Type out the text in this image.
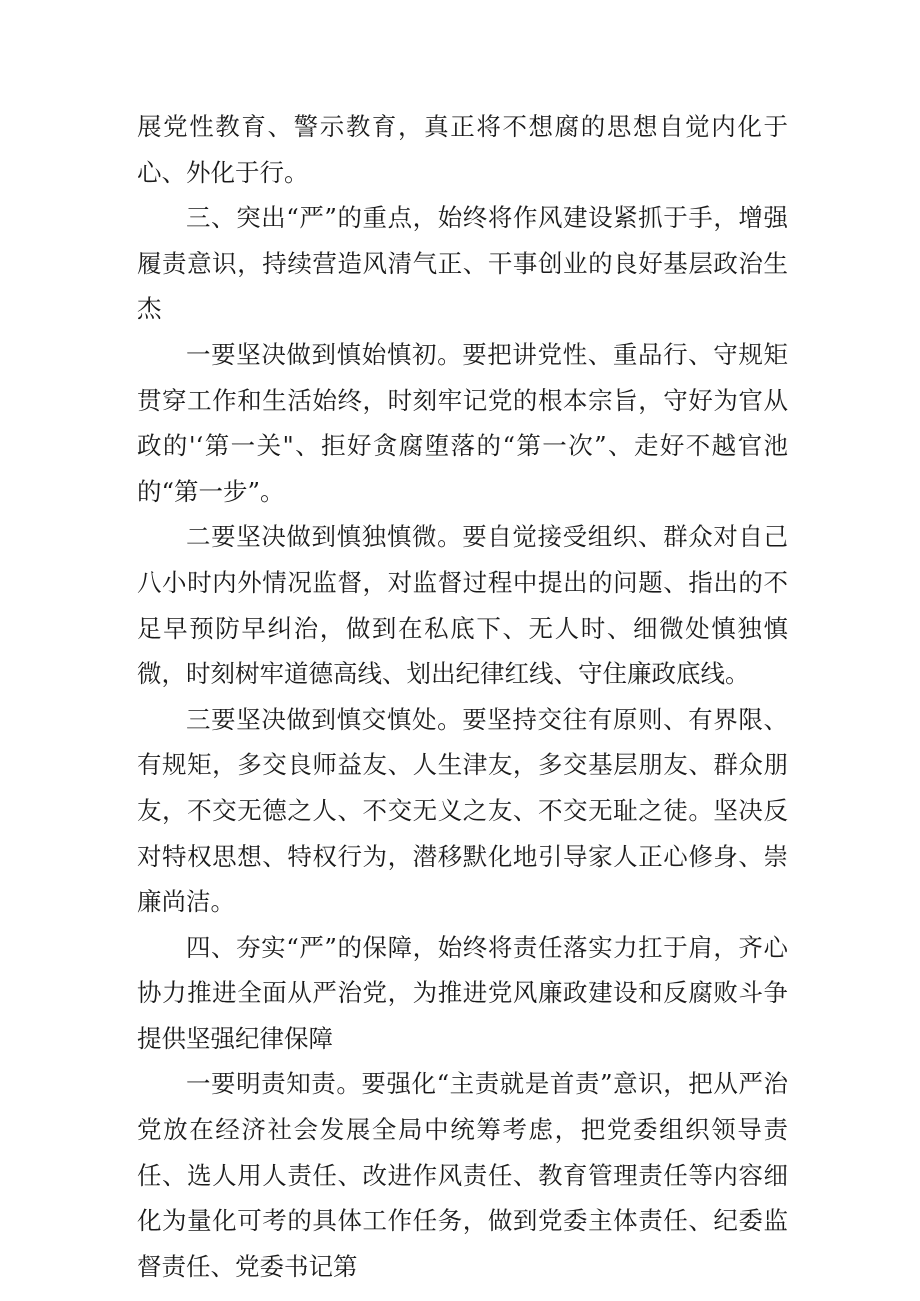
展党性教育、警示教育，真正将不想腐的思想自觉内化于心、外化于行。

三、突出“严”的重点，始终将作风建设紧抓于手，增强履责意识，持续营造风清气正、干事创业的良好基层政治生杰

一要坚决做到慎始慎初。要把讲党性、重品行、守规矩贯穿工作和生活始终，时刻牢记党的根本宗旨，守好为官从政的'‘第一关"、拒好贪腐堕落的“第一次”、走好不越官池的“第一步”。

二要坚决做到慎独慎微。要自觉接受组织、群众对自己八小时内外情况监督，对监督过程中提出的问题、指出的不足早预防早纠治，做到在私底下、无人时、细微处慎独慎微，时刻树牢道德高线、划出纪律红线、守住廉政底线。

三要坚决做到慎交慎处。要坚持交往有原则、有界限、有规矩，多交良师益友、人生津友，多交基层朋友、群众朋友，不交无德之人、不交无义之友、不交无耻之徒。坚决反对特权思想、特权行为，潜移默化地引导家人正心修身、崇廉尚洁。

四、夯实“严”的保障，始终将责任落实力扛于肩，齐心协力推进全面从严治党，为推进党风廉政建设和反腐败斗争提供坚强纪律保障

一要明责知责。要强化“主责就是首责”意识，把从严治党放在经济社会发展全局中统筹考虑，把党委组织领导责任、选人用人责任、改进作风责任、教育管理责任等内容细化为量化可考的具体工作任务，做到党委主体责任、纪委监督责任、党委书记第
